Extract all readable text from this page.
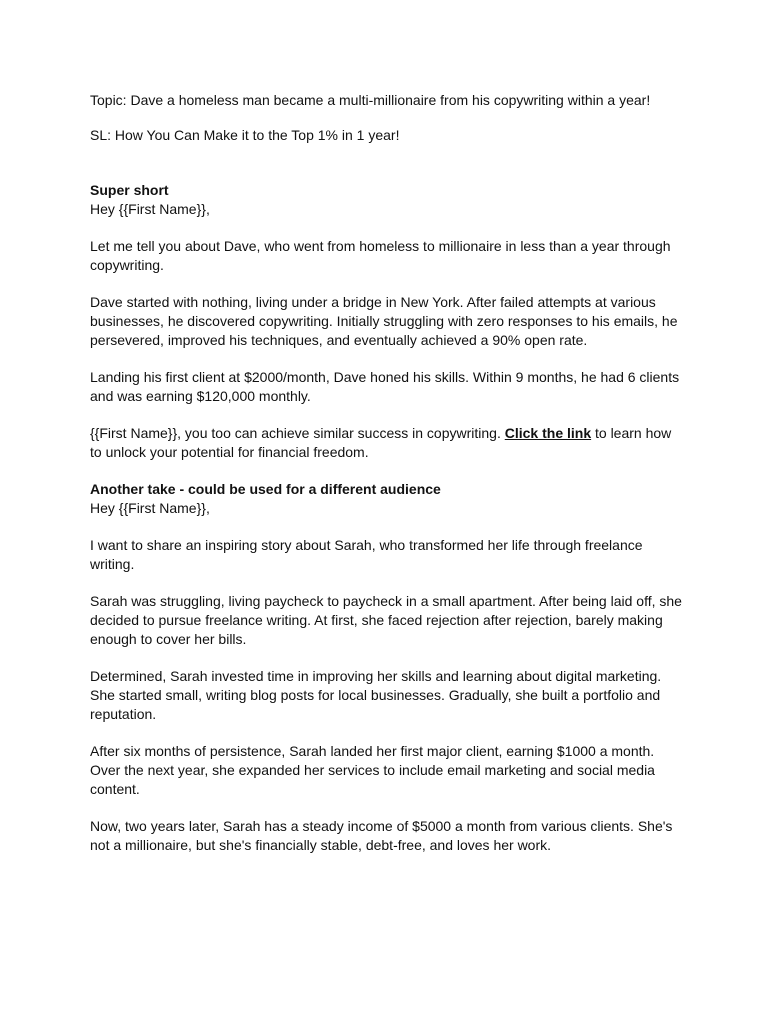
Topic: Dave a homeless man became a multi-millionaire from his copywriting within a year!

SL: How You Can Make it to the Top 1% in 1 year!

Super short

Hey {{First Name}},

Let me tell you about Dave, who went from homeless to millionaire in less than a year through copywriting.

Dave started with nothing, living under a bridge in New York. After failed attempts at various businesses, he discovered copywriting. Initially struggling with zero responses to his emails, he persevered, improved his techniques, and eventually achieved a 90% open rate.

Landing his first client at $2000/month, Dave honed his skills. Within 9 months, he had 6 clients and was earning $120,000 monthly.

{{First Name}}, you too can achieve similar success in copywriting. Click the link to learn how to unlock your potential for financial freedom.

Another take - could be used for a different audience

Hey {{First Name}},

I want to share an inspiring story about Sarah, who transformed her life through freelance writing.

Sarah was struggling, living paycheck to paycheck in a small apartment. After being laid off, she decided to pursue freelance writing. At first, she faced rejection after rejection, barely making enough to cover her bills.

Determined, Sarah invested time in improving her skills and learning about digital marketing. She started small, writing blog posts for local businesses. Gradually, she built a portfolio and reputation.

After six months of persistence, Sarah landed her first major client, earning $1000 a month. Over the next year, she expanded her services to include email marketing and social media content.

Now, two years later, Sarah has a steady income of $5000 a month from various clients. She's not a millionaire, but she's financially stable, debt-free, and loves her work.
